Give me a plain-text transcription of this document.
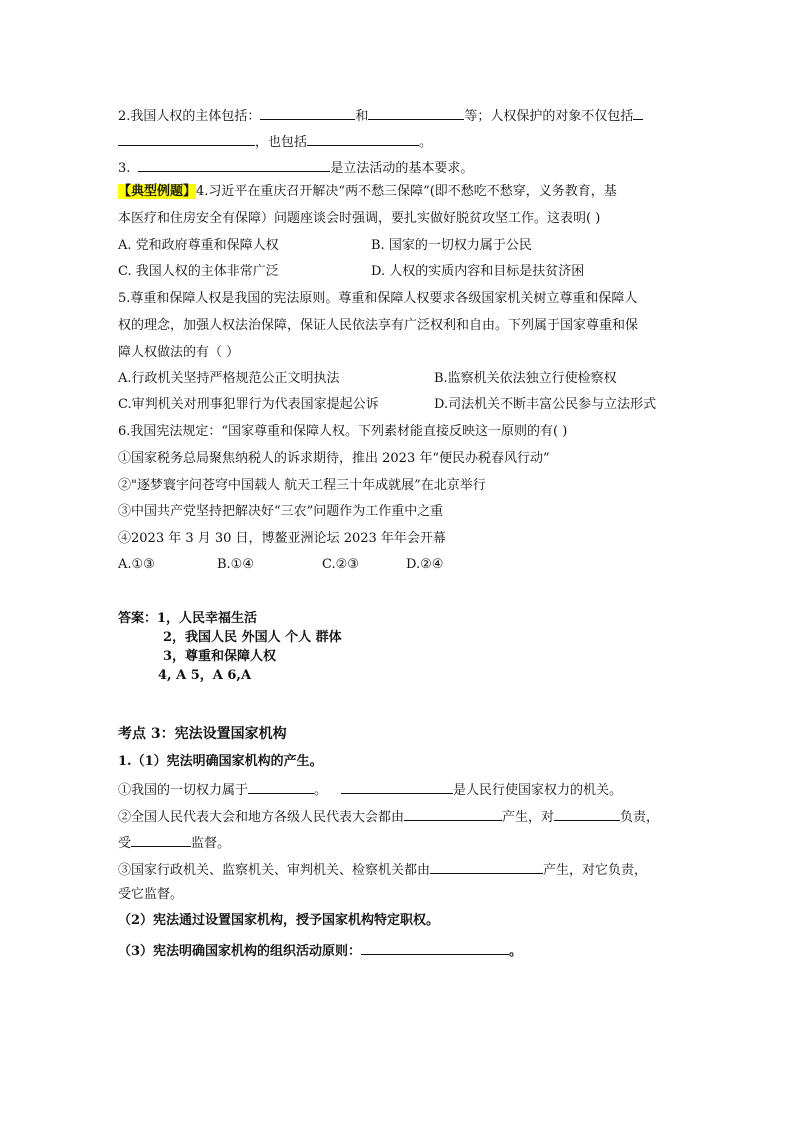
2.我国人权的主体包括：	和	等；人权保护的对象不仅包括
，也包括	。
3.	是立法活动的基本要求。
【典型例题】4.习近平在重庆召开解决“两不愁三保障”(即不愁吃不愁穿，义务教育，基
本医疗和住房安全有保障）问题座谈会时强调，要扎实做好脱贫攻坚工作。这表明( )
A. 党和政府尊重和保障人权	B. 国家的一切权力属于公民
C. 我国人权的主体非常广泛	D. 人权的实质内容和目标是扶贫济困
5.尊重和保障人权是我国的宪法原则。尊重和保障人权要求各级国家机关树立尊重和保障人
权的理念，加强人权法治保障，保证人民依法享有广泛权利和自由。下列属于国家尊重和保
障人权做法的有（ ）
A.行政机关坚持严格规范公正文明执法	B.监察机关依法独立行使检察权
C.审判机关对刑事犯罪行为代表国家提起公诉	D.司法机关不断丰富公民参与立法形式
6.我国宪法规定：“国家尊重和保障人权。下列素材能直接反映这一原则的有( )
①国家税务总局聚焦纳税人的诉求期待，推出 2023 年“便民办税春风行动”
②"逐梦寰宇问苍穹中国载人 航天工程三十年成就展”在北京举行
③中国共产党坚持把解决好“三农”问题作为工作重中之重
④2023 年 3 月 30 日，博鳌亚洲论坛 2023 年年会开幕
A.①③	B.①④	C.②③	D.②④
答案：1，人民幸福生活
2，我国人民 外国人 个人 群体
3，尊重和保障人权
4, A 5，A 6,A
考点 3：宪法设置国家机构
1.（1）宪法明确国家机构的产生。
①我国的一切权力属于	。	是人民行使国家权力的机关。
②全国人民代表大会和地方各级人民代表大会都由	产生，对	负责，
受	监督。
③国家行政机关、监察机关、审判机关、检察机关都由	产生，对它负责，
受它监督。
（2）宪法通过设置国家机构，授予国家机构特定职权。
（3）宪法明确国家机构的组织活动原则：	。
